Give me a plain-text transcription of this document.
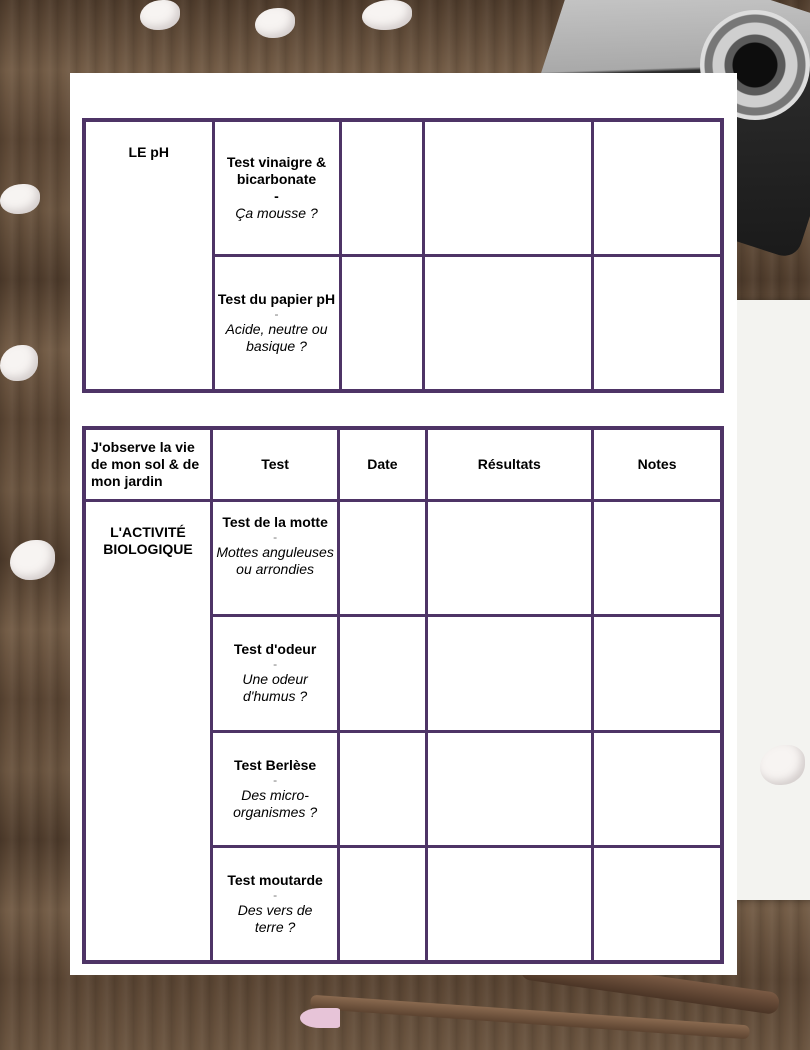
LE pH	Test vinaigre & bicarbonate
-
Ça mousse ?			

	Test du papier pH
-
Acide, neutre ou basique ?			

J'observe la vie de mon sol & de mon jardin	Test	Date	Résultats	Notes
L'ACTIVITÉ BIOLOGIQUE	Test de la motte
-
Mottes anguleuses ou arrondies			

	Test d'odeur
-
Une odeur d'humus ?			

	Test Berlèse
-
Des micro-organismes ?			

	Test moutarde
-
Des vers de terre ?			
